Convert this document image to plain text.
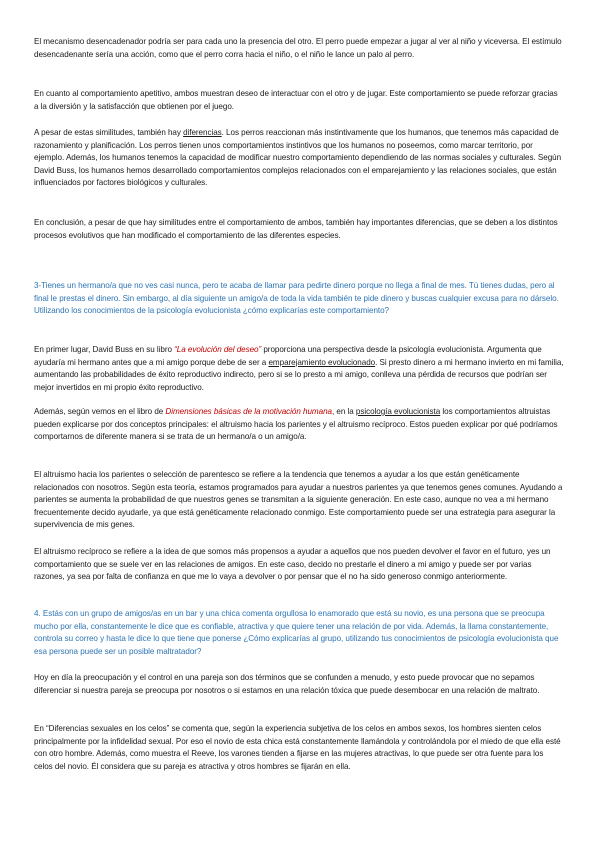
El mecanismo desencadenador podría ser para cada uno la presencia del otro. El perro puede empezar a jugar al ver al niño y viceversa. El estímulo desencadenante sería una acción, como que el perro corra hacia el niño, o el niño le lance un palo al perro.

En cuanto al comportamiento apetitivo, ambos muestran deseo de interactuar con el otro y de jugar. Este comportamiento se puede reforzar gracias a la diversión y la satisfacción que obtienen por el juego.

A pesar de estas similitudes, también hay diferencias. Los perros reaccionan más instintivamente que los humanos, que tenemos más capacidad de razonamiento y planificación. Los perros tienen unos comportamientos instintivos que los humanos no poseemos, como marcar territorio, por ejemplo. Además, los humanos tenemos la capacidad de modificar nuestro comportamiento dependiendo de las normas sociales y culturales. Según David Buss, los humanos hemos desarrollado comportamientos complejos relacionados con el emparejamiento y las relaciones sociales, que están influenciados por factores biológicos y culturales.

En conclusión, a pesar de que hay similitudes entre el comportamiento de ambos, también hay importantes diferencias, que se deben a los distintos procesos evolutivos que han modificado el comportamiento de las diferentes especies.

3-Tienes un hermano/a que no ves casi nunca, pero te acaba de llamar para pedirte dinero porque no llega a final de mes. Tú tienes dudas, pero al final le prestas el dinero. Sin embargo, al día siguiente un amigo/a de toda la vida también te pide dinero y buscas cualquier excusa para no dárselo. Utilizando los conocimientos de la psicología evolucionista ¿cómo explicarías este comportamiento?

En primer lugar, David Buss en su libro “La evolución del deseo” proporciona una perspectiva desde la psicología evolucionista. Argumenta que ayudaría mi hermano antes que a mi amigo porque debe de ser a emparejamiento evolucionado. Si presto dinero a mi hermano invierto en mi familia, aumentando las probabilidades de éxito reproductivo indirecto, pero si se lo presto a mi amigo, conlleva una pérdida de recursos que podrían ser mejor invertidos en mi propio éxito reproductivo.

Además, según vemos en el libro de Dimensiones básicas de la motivación humana, en la psicología evolucionista los comportamientos altruistas pueden explicarse por dos conceptos principales: el altruismo hacia los parientes y el altruismo recíproco. Estos pueden explicar por qué podríamos comportarnos de diferente manera si se trata de un hermano/a o un amigo/a.

El altruismo hacia los parientes o selección de parentesco se refiere a la tendencia que tenemos a ayudar a los que están genéticamente relacionados con nosotros. Según esta teoría, estamos programados para ayudar a nuestros parientes ya que tenemos genes comunes. Ayudando a parientes se aumenta la probabilidad de que nuestros genes se transmitan a la siguiente generación. En este caso, aunque no vea a mi hermano frecuentemente decido ayudarle, ya que está genéticamente relacionado conmigo. Este comportamiento puede ser una estrategia para asegurar la supervivencia de mis genes.

El altruismo recíproco se refiere a la idea de que somos más propensos a ayudar a aquellos que nos pueden devolver el favor en el futuro, yes un comportamiento que se suele ver en las relaciones de amigos. En este caso, decido no prestarle el dinero a mi amigo y puede ser por varias razones, ya sea por falta de confianza en que me lo vaya a devolver o por pensar que el no ha sido generoso conmigo anteriormente.

4. Estás con un grupo de amigos/as en un bar y una chica comenta orgullosa lo enamorado que está su novio, es una persona que se preocupa mucho por ella, constantemente le dice que es confiable, atractiva y que quiere tener una relación de por vida. Además, la llama constantemente, controla su correo y hasta le dice lo que tiene que ponerse ¿Cómo explicarías al grupo, utilizando tus conocimientos de psicología evolucionista que esa persona puede ser un posible maltratador?

Hoy en día la preocupación y el control en una pareja son dos términos que se confunden a menudo, y esto puede provocar que no sepamos diferenciar si nuestra pareja se preocupa por nosotros o si estamos en una relación tóxica que puede desembocar en una relación de maltrato.

En “Diferencias sexuales en los celos” se comenta que, según la experiencia subjetiva de los celos en ambos sexos, los hombres sienten celos principalmente por la infidelidad sexual. Por eso el novio de esta chica está constantemente llamándola y controlándola por el miedo de que ella esté con otro hombre. Además, como muestra el Reeve, los varones tienden a fijarse en las mujeres atractivas, lo que puede ser otra fuente para los celos del novio. Él considera que su pareja es atractiva y otros hombres se fijarán en ella.
